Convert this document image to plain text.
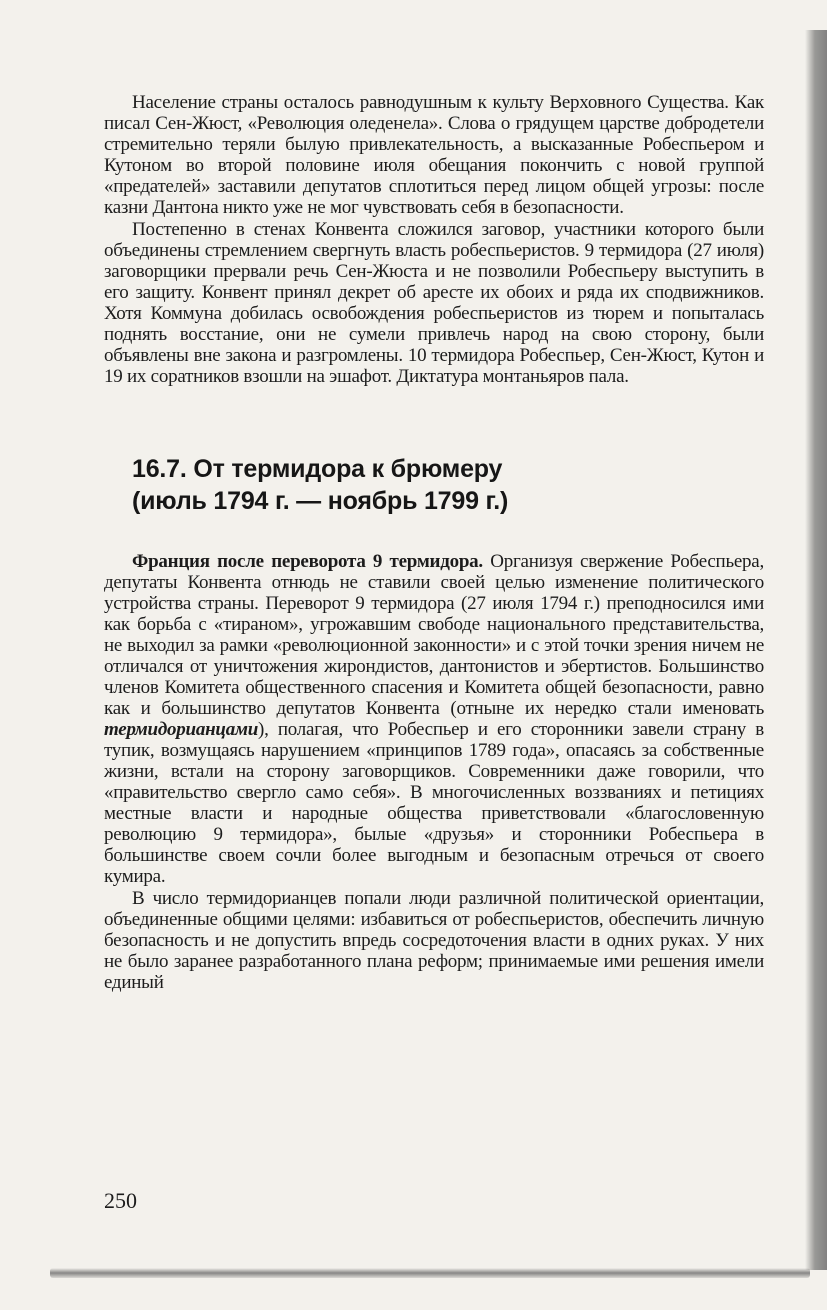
Население страны осталось равнодушным к культу Верховного Существа. Как писал Сен-Жюст, «Революция оледенела». Слова о грядущем царстве добродетели стремительно теряли былую привлекательность, а высказанные Робеспьером и Кутоном во второй половине июля обещания покончить с новой группой «предателей» заставили депутатов сплотиться перед лицом общей угрозы: после казни Дантона никто уже не мог чувствовать себя в безопасности.

Постепенно в стенах Конвента сложился заговор, участники которого были объединены стремлением свергнуть власть робеспьеристов. 9 термидора (27 июля) заговорщики прервали речь Сен-Жюста и не позволили Робеспьеру выступить в его защиту. Конвент принял декрет об аресте их обоих и ряда их сподвижников. Хотя Коммуна добилась освобождения робеспьеристов из тюрем и попыталась поднять восстание, они не сумели привлечь народ на свою сторону, были объявлены вне закона и разгромлены. 10 термидора Робеспьер, Сен-Жюст, Кутон и 19 их соратников взошли на эшафот. Диктатура монтаньяров пала.

16.7. От термидора к брюмеру
(июль 1794 г. — ноябрь 1799 г.)

Франция после переворота 9 термидора. Организуя свержение Робеспьера, депутаты Конвента отнюдь не ставили своей целью изменение политического устройства страны. Переворот 9 термидора (27 июля 1794 г.) преподносился ими как борьба с «тираном», угрожавшим свободе национального представительства, не выходил за рамки «революционной законности» и с этой точки зрения ничем не отличался от уничтожения жирондистов, дантонистов и эбертистов. Большинство членов Комитета общественного спасения и Комитета общей безопасности, равно как и большинство депутатов Конвента (отныне их нередко стали именовать термидорианцами), полагая, что Робеспьер и его сторонники завели страну в тупик, возмущаясь нарушением «принципов 1789 года», опасаясь за собственные жизни, встали на сторону заговорщиков. Современники даже говорили, что «правительство свергло само себя». В многочисленных воззваниях и петициях местные власти и народные общества приветствовали «благословенную революцию 9 термидора», былые «друзья» и сторонники Робеспьера в большинстве своем сочли более выгодным и безопасным отречься от своего кумира.

В число термидорианцев попали люди различной политической ориентации, объединенные общими целями: избавиться от робеспьеристов, обеспечить личную безопасность и не допустить впредь сосредоточения власти в одних руках. У них не было заранее разработанного плана реформ; принимаемые ими решения имели единый

250
